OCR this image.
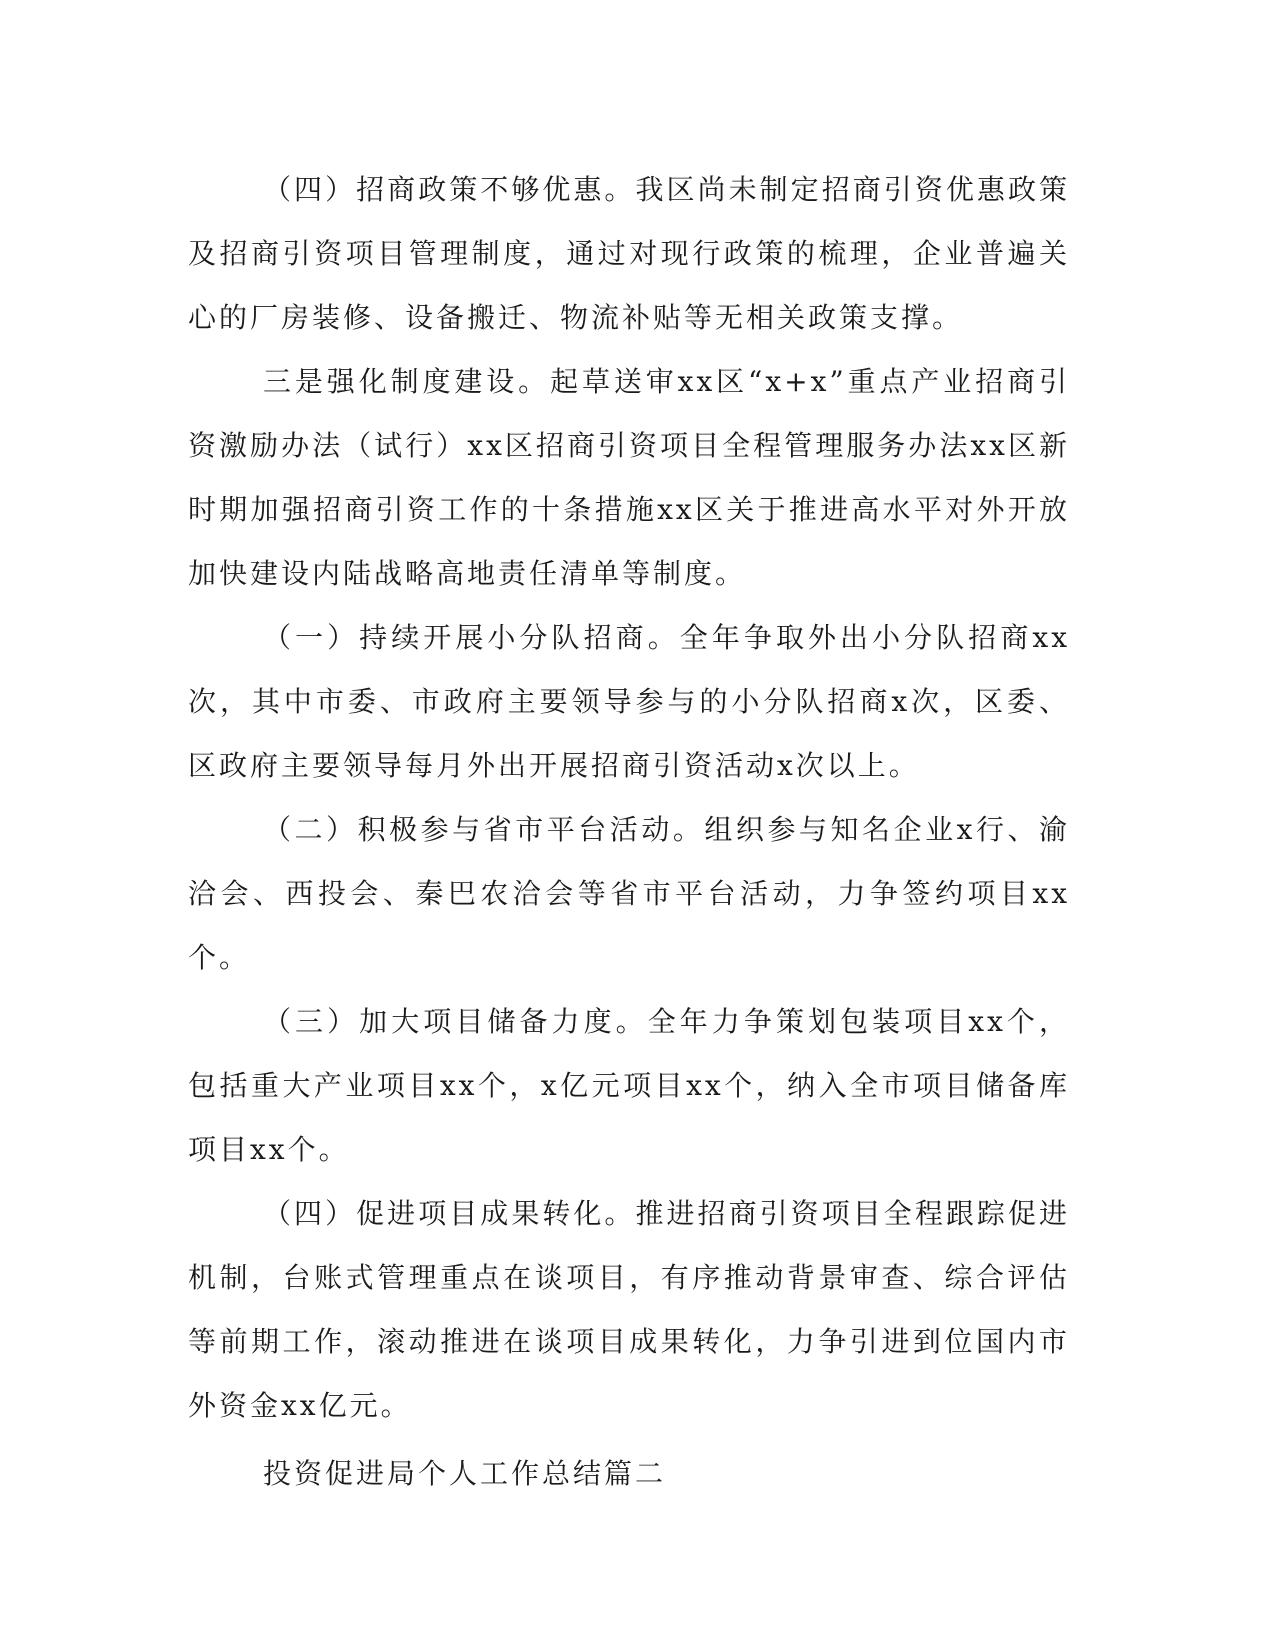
（四）招商政策不够优惠。我区尚未制定招商引资优惠政策及招商引资项目管理制度，通过对现行政策的梳理，企业普遍关心的厂房装修、设备搬迁、物流补贴等无相关政策支撑。

三是强化制度建设。起草送审xx区“x+x”重点产业招商引资激励办法（试行）xx区招商引资项目全程管理服务办法xx区新时期加强招商引资工作的十条措施xx区关于推进高水平对外开放加快建设内陆战略高地责任清单等制度。

（一）持续开展小分队招商。全年争取外出小分队招商xx次，其中市委、市政府主要领导参与的小分队招商x次，区委、区政府主要领导每月外出开展招商引资活动x次以上。

（二）积极参与省市平台活动。组织参与知名企业x行、渝洽会、西投会、秦巴农洽会等省市平台活动，力争签约项目xx个。

（三）加大项目储备力度。全年力争策划包装项目xx个，包括重大产业项目xx个，x亿元项目xx个，纳入全市项目储备库项目xx个。

（四）促进项目成果转化。推进招商引资项目全程跟踪促进机制，台账式管理重点在谈项目，有序推动背景审查、综合评估等前期工作，滚动推进在谈项目成果转化，力争引进到位国内市外资金xx亿元。

投资促进局个人工作总结篇二
